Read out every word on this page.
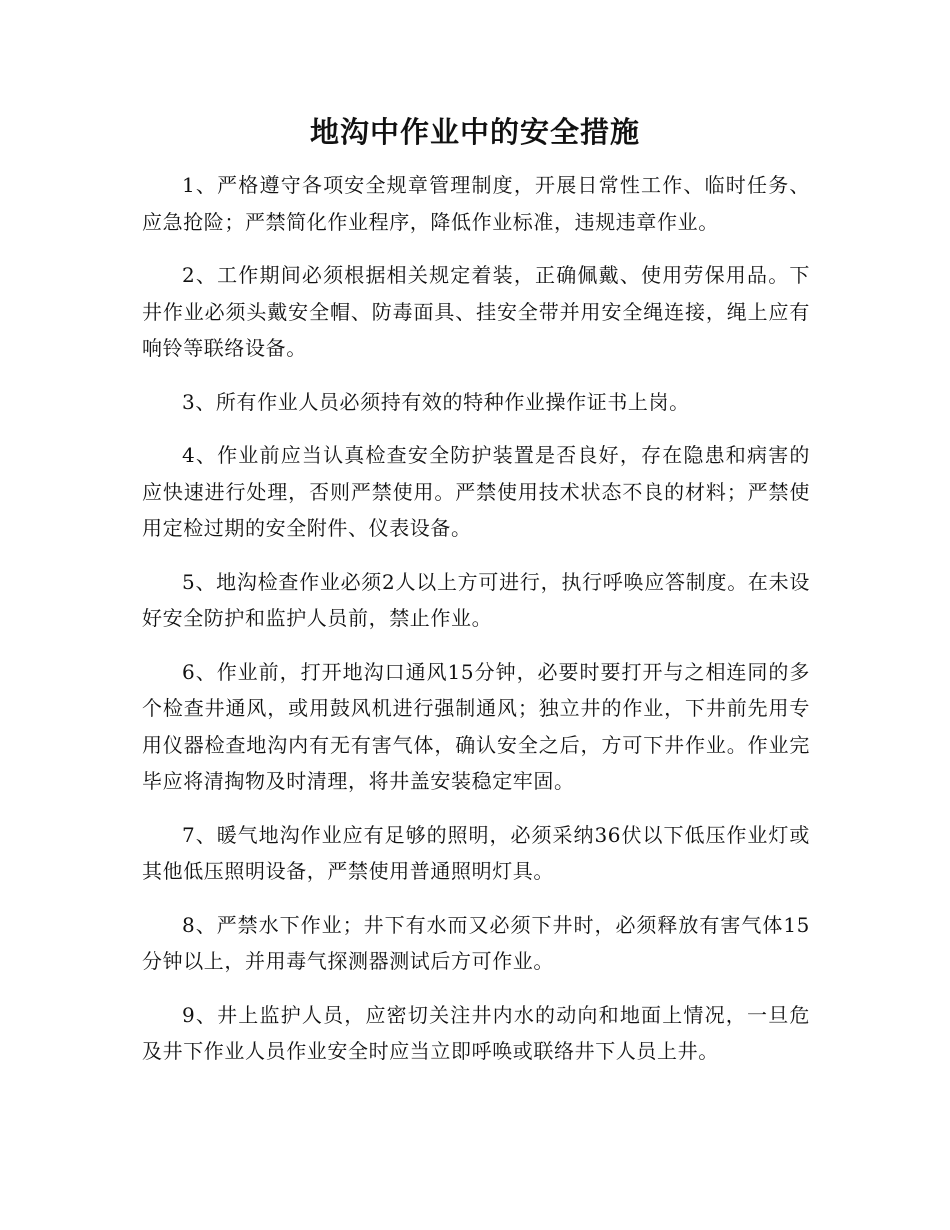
地沟中作业中的安全措施

1、严格遵守各项安全规章管理制度，开展日常性工作、临时任务、应急抢险；严禁简化作业程序，降低作业标准，违规违章作业。

2、工作期间必须根据相关规定着装，正确佩戴、使用劳保用品。下井作业必须头戴安全帽、防毒面具、挂安全带并用安全绳连接，绳上应有响铃等联络设备。

3、所有作业人员必须持有效的特种作业操作证书上岗。

4、作业前应当认真检查安全防护装置是否良好，存在隐患和病害的应快速进行处理，否则严禁使用。严禁使用技术状态不良的材料；严禁使用定检过期的安全附件、仪表设备。

5、地沟检查作业必须2人以上方可进行，执行呼唤应答制度。在未设好安全防护和监护人员前，禁止作业。

6、作业前，打开地沟口通风15分钟，必要时要打开与之相连同的多个检查井通风，或用鼓风机进行强制通风；独立井的作业，下井前先用专用仪器检查地沟内有无有害气体，确认安全之后，方可下井作业。作业完毕应将清掏物及时清理，将井盖安装稳定牢固。

7、暖气地沟作业应有足够的照明，必须采纳36伏以下低压作业灯或其他低压照明设备，严禁使用普通照明灯具。

8、严禁水下作业；井下有水而又必须下井时，必须释放有害气体15分钟以上，并用毒气探测器测试后方可作业。

9、井上监护人员，应密切关注井内水的动向和地面上情况，一旦危及井下作业人员作业安全时应当立即呼唤或联络井下人员上井。
